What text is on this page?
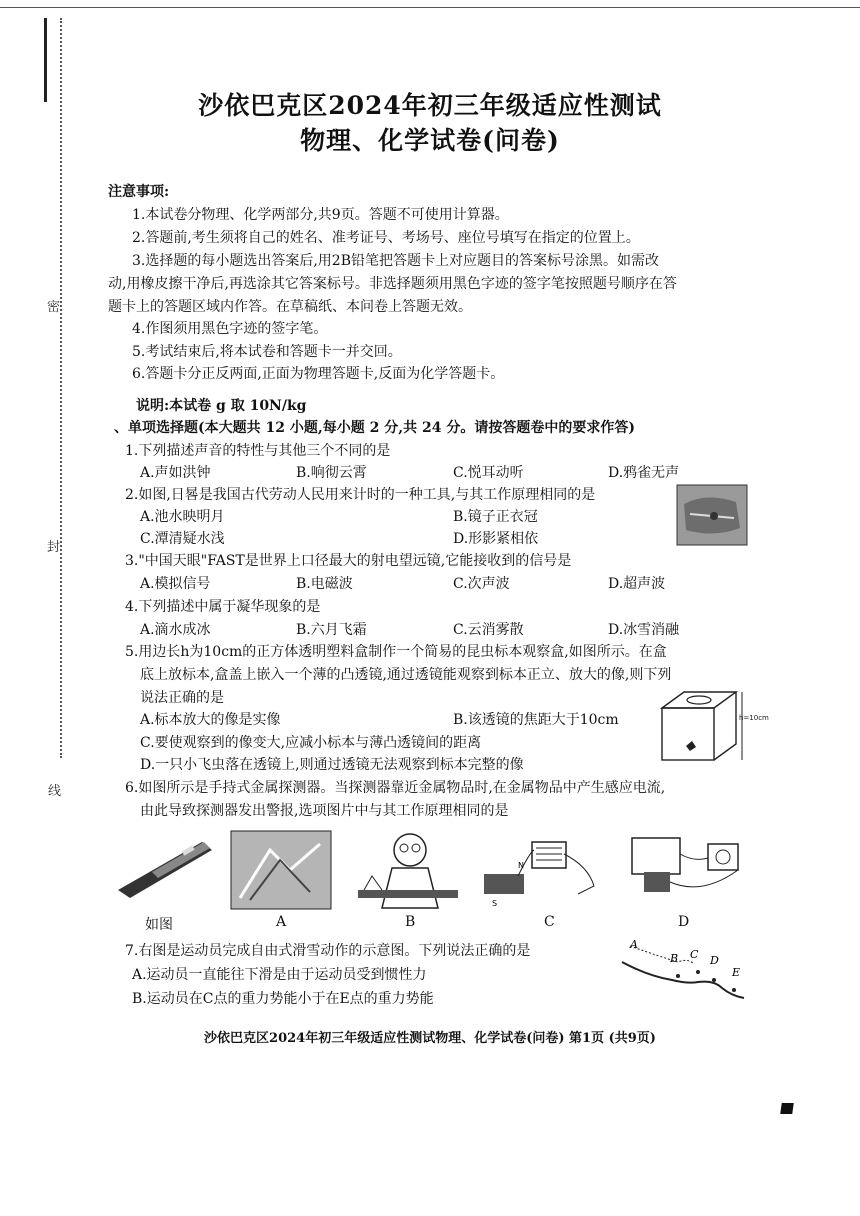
密
封
线
沙依巴克区2024年初三年级适应性测试
物理、化学试卷(问卷)
注意事项:
1.本试卷分物理、化学两部分,共9页。答题不可使用计算器。
2.答题前,考生须将自己的姓名、准考证号、考场号、座位号填写在指定的位置上。
3.选择题的每小题选出答案后,用2B铅笔把答题卡上对应题目的答案标号涂黑。如需改
动,用橡皮擦干净后,再选涂其它答案标号。非选择题须用黑色字迹的签字笔按照题号顺序在答
题卡上的答题区域内作答。在草稿纸、本问卷上答题无效。
4.作图须用黑色字迹的签字笔。
5.考试结束后,将本试卷和答题卡一并交回。
6.答题卡分正反两面,正面为物理答题卡,反面为化学答题卡。
说明:本试卷 g 取 10N/kg
、单项选择题(本大题共 12 小题,每小题 2 分,共 24 分。请按答题卷中的要求作答)
1.下列描述声音的特性与其他三个不同的是
A.声如洪钟	B.响彻云霄	C.悦耳动听	D.鸦雀无声
2.如图,日晷是我国古代劳动人民用来计时的一种工具,与其工作原理相同的是
A.池水映明月	B.镜子正衣冠
C.潭清疑水浅	D.形影紧相依
3."中国天眼"FAST是世界上口径最大的射电望远镜,它能接收到的信号是
A.模拟信号	B.电磁波	C.次声波	D.超声波
4.下列描述中属于凝华现象的是
A.滴水成冰	B.六月飞霜	C.云消雾散	D.冰雪消融
5.用边长h为10cm的正方体透明塑料盒制作一个简易的昆虫标本观察盒,如图所示。在盒
底上放标本,盒盖上嵌入一个薄的凸透镜,通过透镜能观察到标本正立、放大的像,则下列
说法正确的是
A.标本放大的像是实像	B.该透镜的焦距大于10cm
C.要使观察到的像变大,应减小标本与薄凸透镜间的距离
D.一只小飞虫落在透镜上,则通过透镜无法观察到标本完整的像
h=10cm
6.如图所示是手持式金属探测器。当探测器靠近金属物品时,在金属物品中产生感应电流,
由此导致探测器发出警报,选项图片中与其工作原理相同的是
N
S
如图	A	B	C	D
7.右图是运动员完成自由式滑雪动作的示意图。下列说法正确的是
A.运动员一直能往下滑是由于运动员受到惯性力
B.运动员在C点的重力势能小于在E点的重力势能
A
B C D
E
沙依巴克区2024年初三年级适应性测试物理、化学试卷(问卷) 第1页 (共9页)
